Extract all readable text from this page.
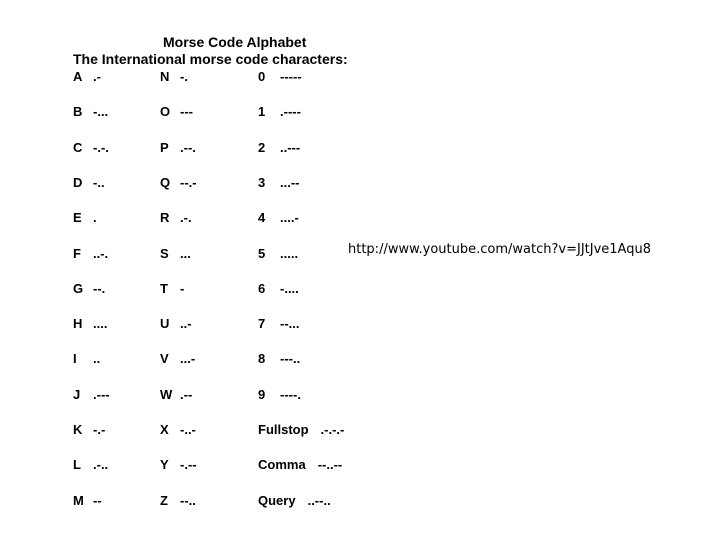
Morse Code Alphabet
The International morse code characters:
A .-
B -...
C -.-.
D -..
E .
F ..-.
G --.
H ....
I ..
J .---
K -.-
L .-..
M --
N -.
O ---
P .--.
Q --.-
R .-.
S ...
T -
U ..-
V ...-
W .--
X -..-
Y -.--
Z --..
0 -----
1 .----
2 ..---
3 ...--
4 ....-
5 .....
6 -....
7 --...
8 ---..
9 ----.
Fullstop .-.-.-
Comma --..--
Query ..--..
http://www.youtube.com/watch?v=JJtJve1Aqu8
